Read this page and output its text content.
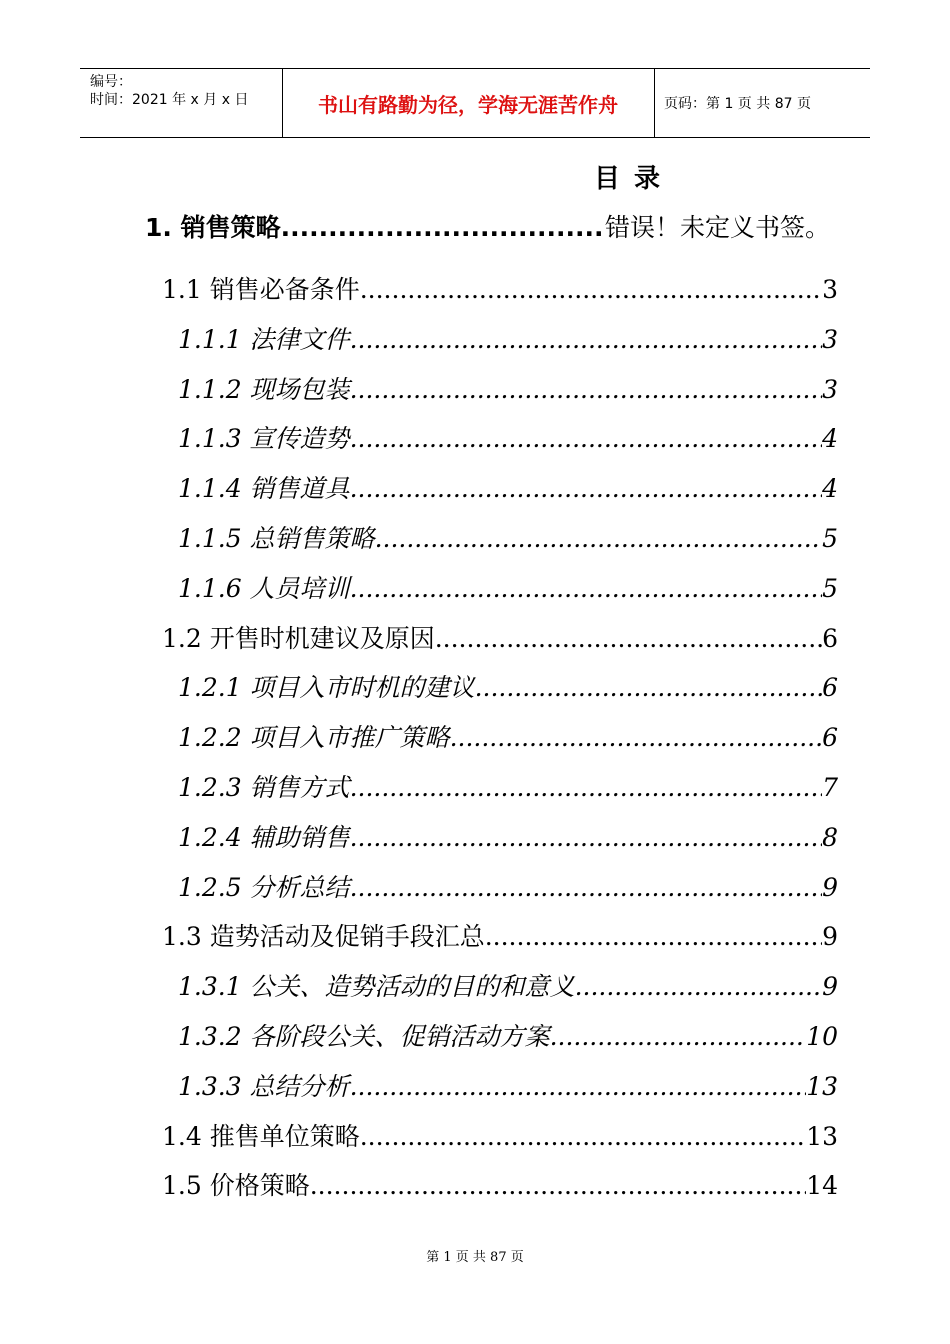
编号：
时间：2021 年 x 月 x 日	书山有路勤为径，学海无涯苦作舟	页码：第 1 页 共 87 页
目录
1. 销售策略 .....	错误！未定义书签。
1.1 销售必备条件 .....	3
1.1.1 法律文件 .....	3
1.1.2 现场包装 .....	3
1.1.3 宣传造势 .....	4
1.1.4 销售道具 .....	4
1.1.5 总销售策略 .....	5
1.1.6 人员培训 .....	5
1.2 开售时机建议及原因 .....	6
1.2.1 项目入市时机的建议 .....	6
1.2.2 项目入市推广策略 .....	6
1.2.3 销售方式 .....	7
1.2.4 辅助销售 .....	8
1.2.5 分析总结 .....	9
1.3 造势活动及促销手段汇总 .....	9
1.3.1 公关、造势活动的目的和意义 .....	9
1.3.2 各阶段公关、促销活动方案 .....	10
1.3.3 总结分析 .....	13
1.4 推售单位策略 .....	13
1.5 价格策略 .....	14
第 1 页 共 87 页
